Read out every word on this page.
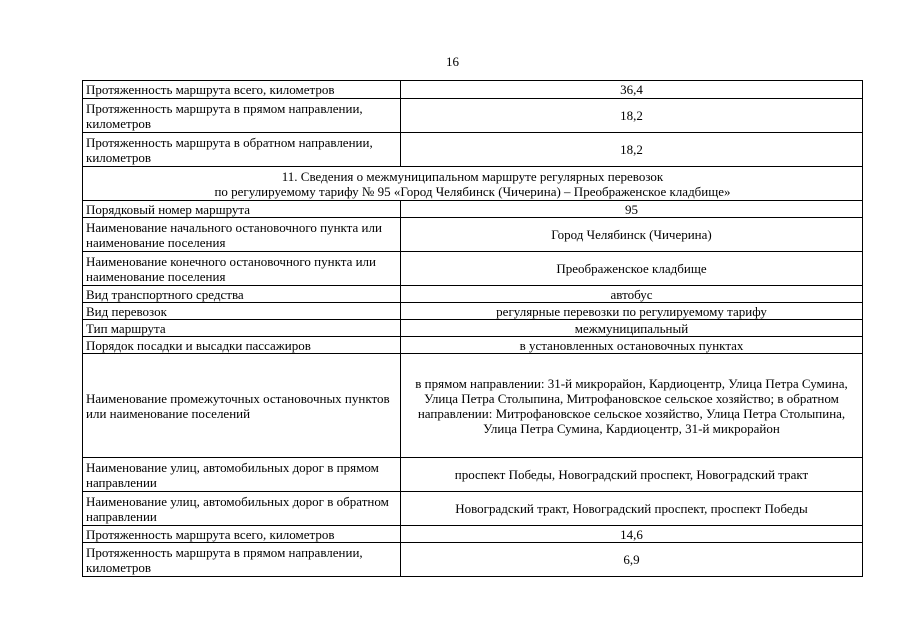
16
Протяженность маршрута всего, километров	36,4
Протяженность маршрута в прямом направлении, километров	18,2
Протяженность маршрута в обратном направлении, километров	18,2

11. Сведения о межмуниципальном маршруте регулярных перевозок
по регулируемому тарифу № 95 «Город Челябинск (Чичерина) – Преображенское кладбище»	

Порядковый номер маршрута	95
Наименование начального остановочного пункта или наименование поселения	Город Челябинск (Чичерина)
Наименование конечного остановочного пункта или наименование поселения	Преображенское кладбище
Вид транспортного средства	автобус
Вид перевозок	регулярные перевозки по регулируемому тарифу
Тип маршрута	межмуниципальный
Порядок посадки и высадки пассажиров	в установленных остановочных пунктах
Наименование промежуточных остановочных пунктов или наименование поселений	в прямом направлении: 31-й микрорайон, Кардиоцентр, Улица Петра Сумина, Улица Петра Столыпина, Митрофановское сельское хозяйство; в обратном направлении: Митрофановское сельское хозяйство, Улица Петра Столыпина, Улица Петра Сумина, Кардиоцентр, 31-й микрорайон
Наименование улиц, автомобильных дорог в прямом направлении	проспект Победы, Новоградский проспект, Новоградский тракт
Наименование улиц, автомобильных дорог в обратном направлении	Новоградский тракт, Новоградский проспект, проспект Победы
Протяженность маршрута всего, километров	14,6
Протяженность маршрута в прямом направлении, километров	6,9
